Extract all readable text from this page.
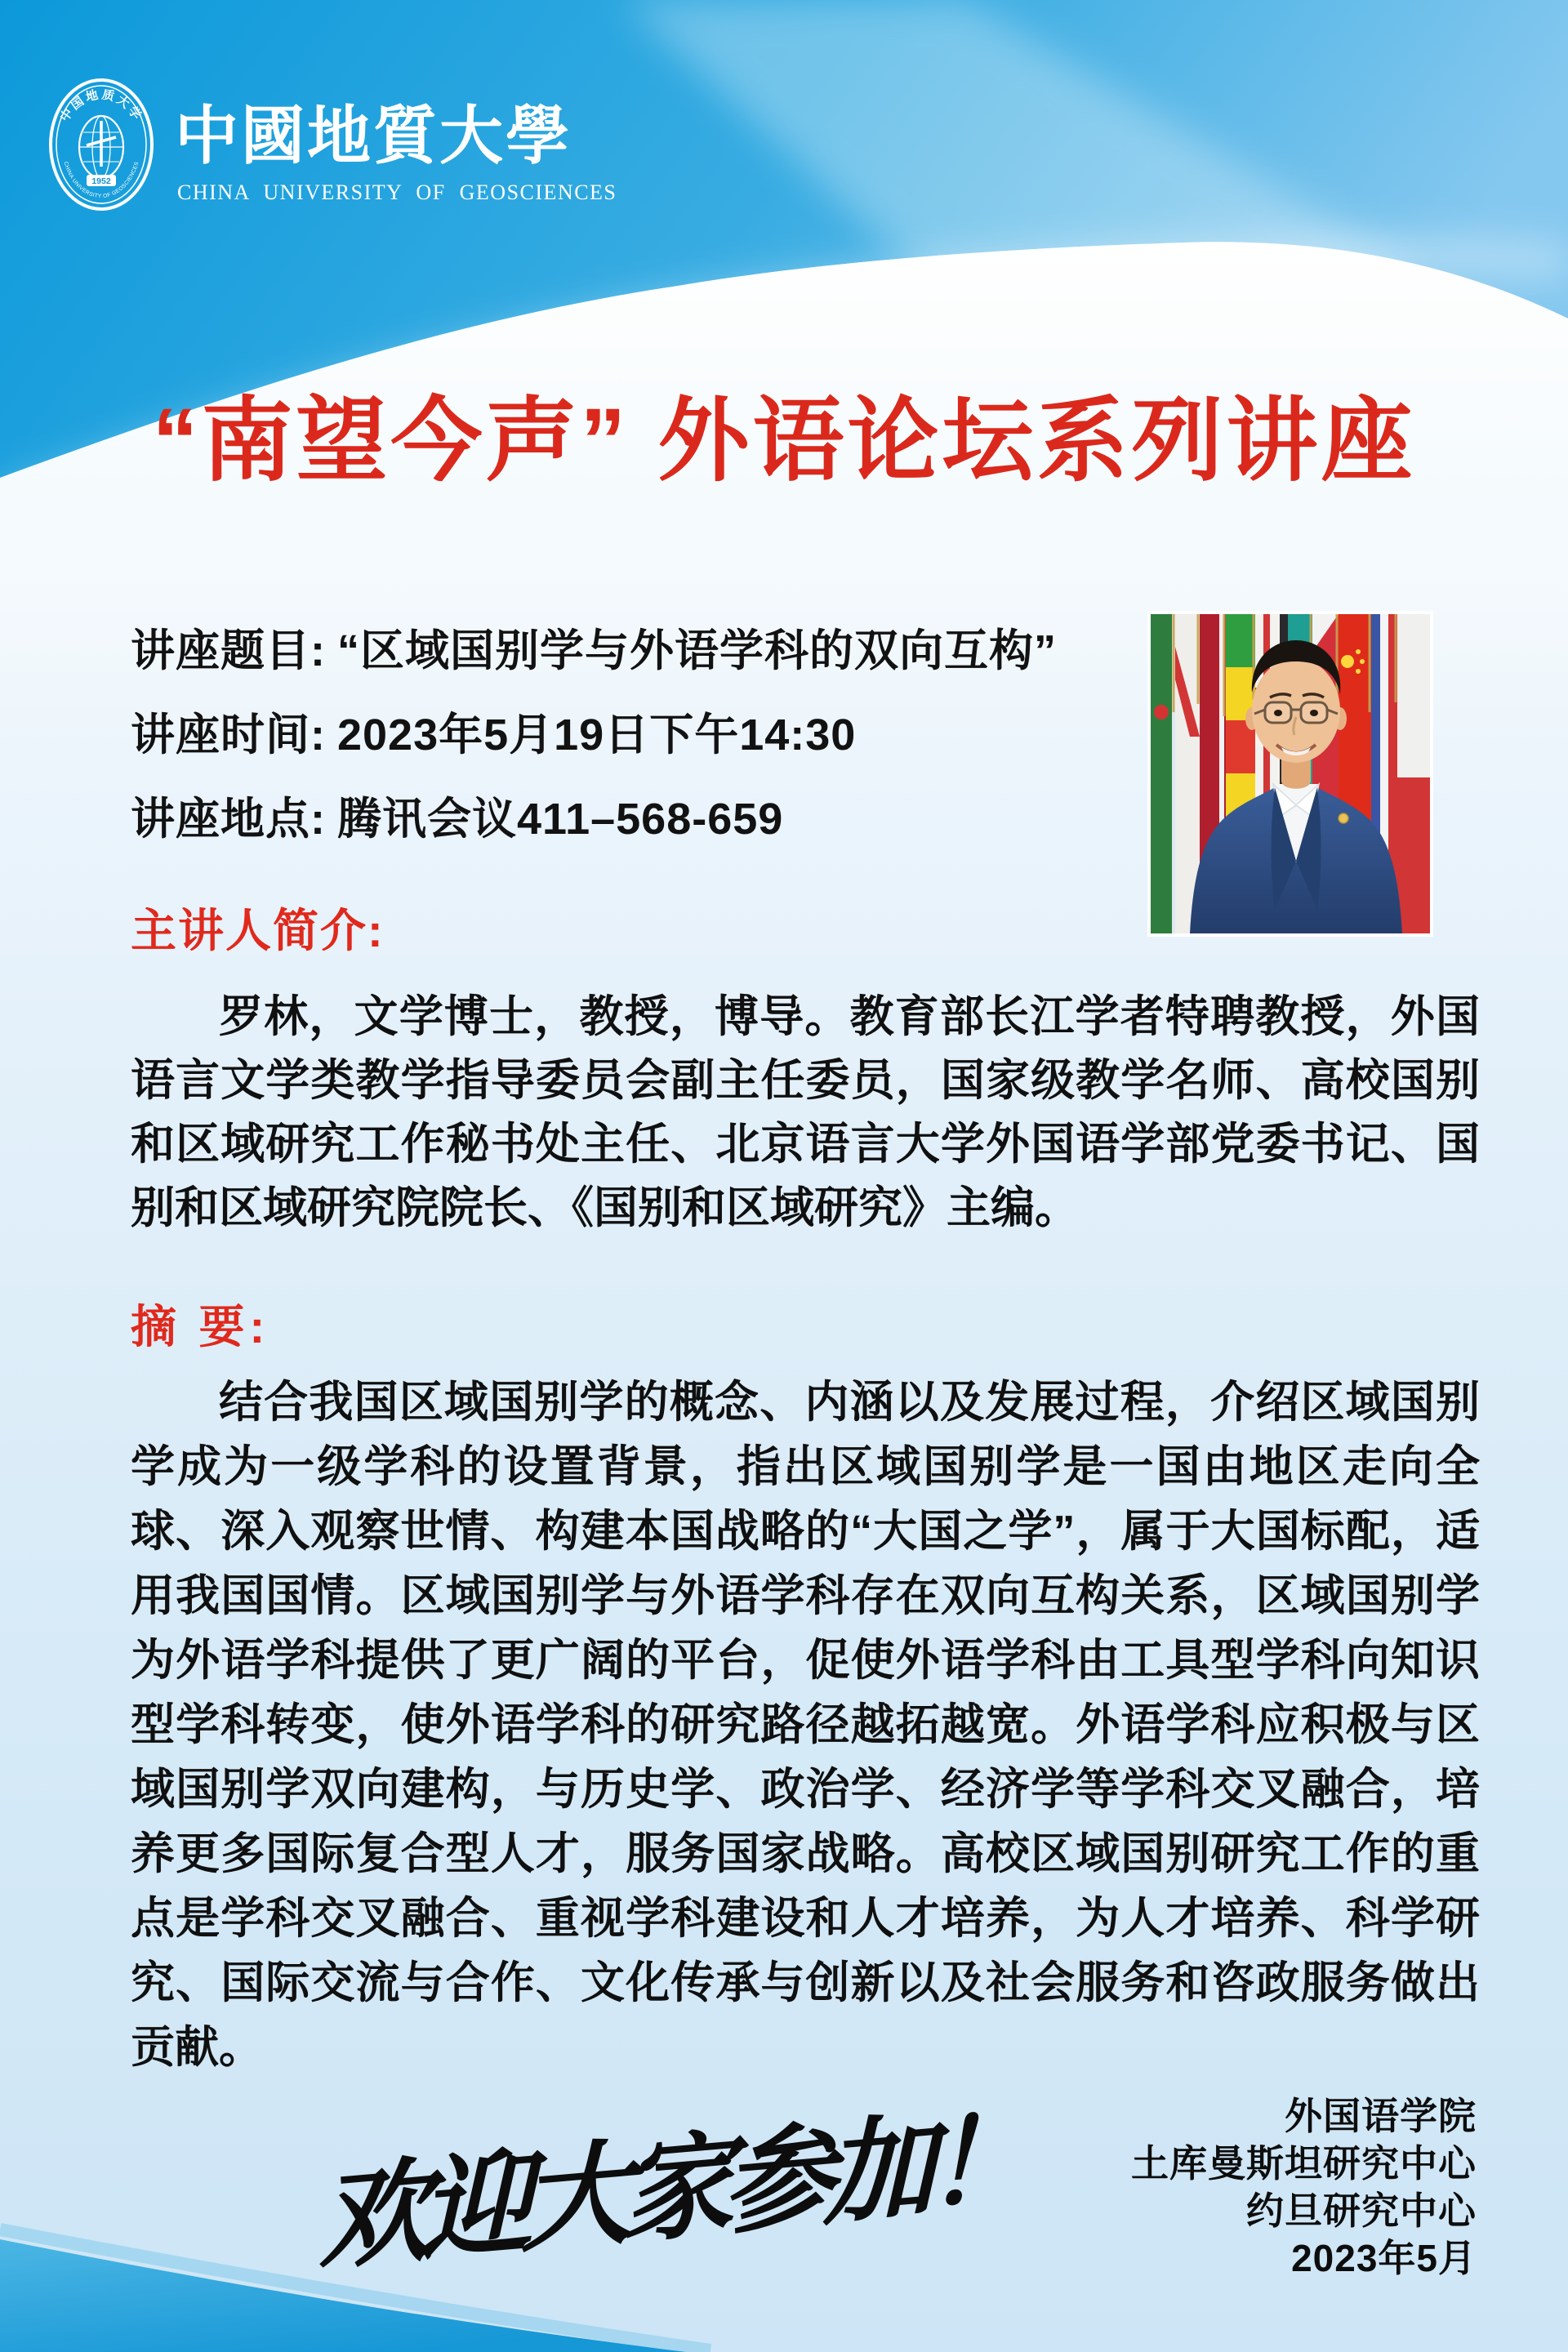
中国地质大学
CHINA UNIVERSITY OF GEOSCIENCES
1952
中國地質大學
CHINA UNIVERSITY OF GEOSCIENCES
“南望今声” 外语论坛系列讲座
讲座题目: “区域国别学与外语学科的双向互构”
讲座时间: 2023年5月19日下午14:30
讲座地点: 腾讯会议411–568-659
主讲人简介:
罗林，文学博士，教授，博导。教育部长江学者特聘教授，外国语言文学类教学指导委员会副主任委员，国家级教学名师、高校国别和区域研究工作秘书处主任、北京语言大学外国语学部党委书记、国别和区域研究院院长、《国别和区域研究》主编。
摘 要:
结合我国区域国别学的概念、内涵以及发展过程，介绍区域国别学成为一级学科的设置背景，指出区域国别学是一国由地区走向全球、深入观察世情、构建本国战略的“大国之学”，属于大国标配，适用我国国情。区域国别学与外语学科存在双向互构关系，区域国别学为外语学科提供了更广阔的平台，促使外语学科由工具型学科向知识型学科转变，使外语学科的研究路径越拓越宽。外语学科应积极与区域国别学双向建构，与历史学、政治学、经济学等学科交叉融合，培养更多国际复合型人才，服务国家战略。高校区域国别研究工作的重点是学科交叉融合、重视学科建设和人才培养，为人才培养、科学研究、国际交流与合作、文化传承与创新以及社会服务和咨政服务做出贡献。
欢迎大家参加！	外国语学院
土库曼斯坦研究中心
约旦研究中心
2023年5月
